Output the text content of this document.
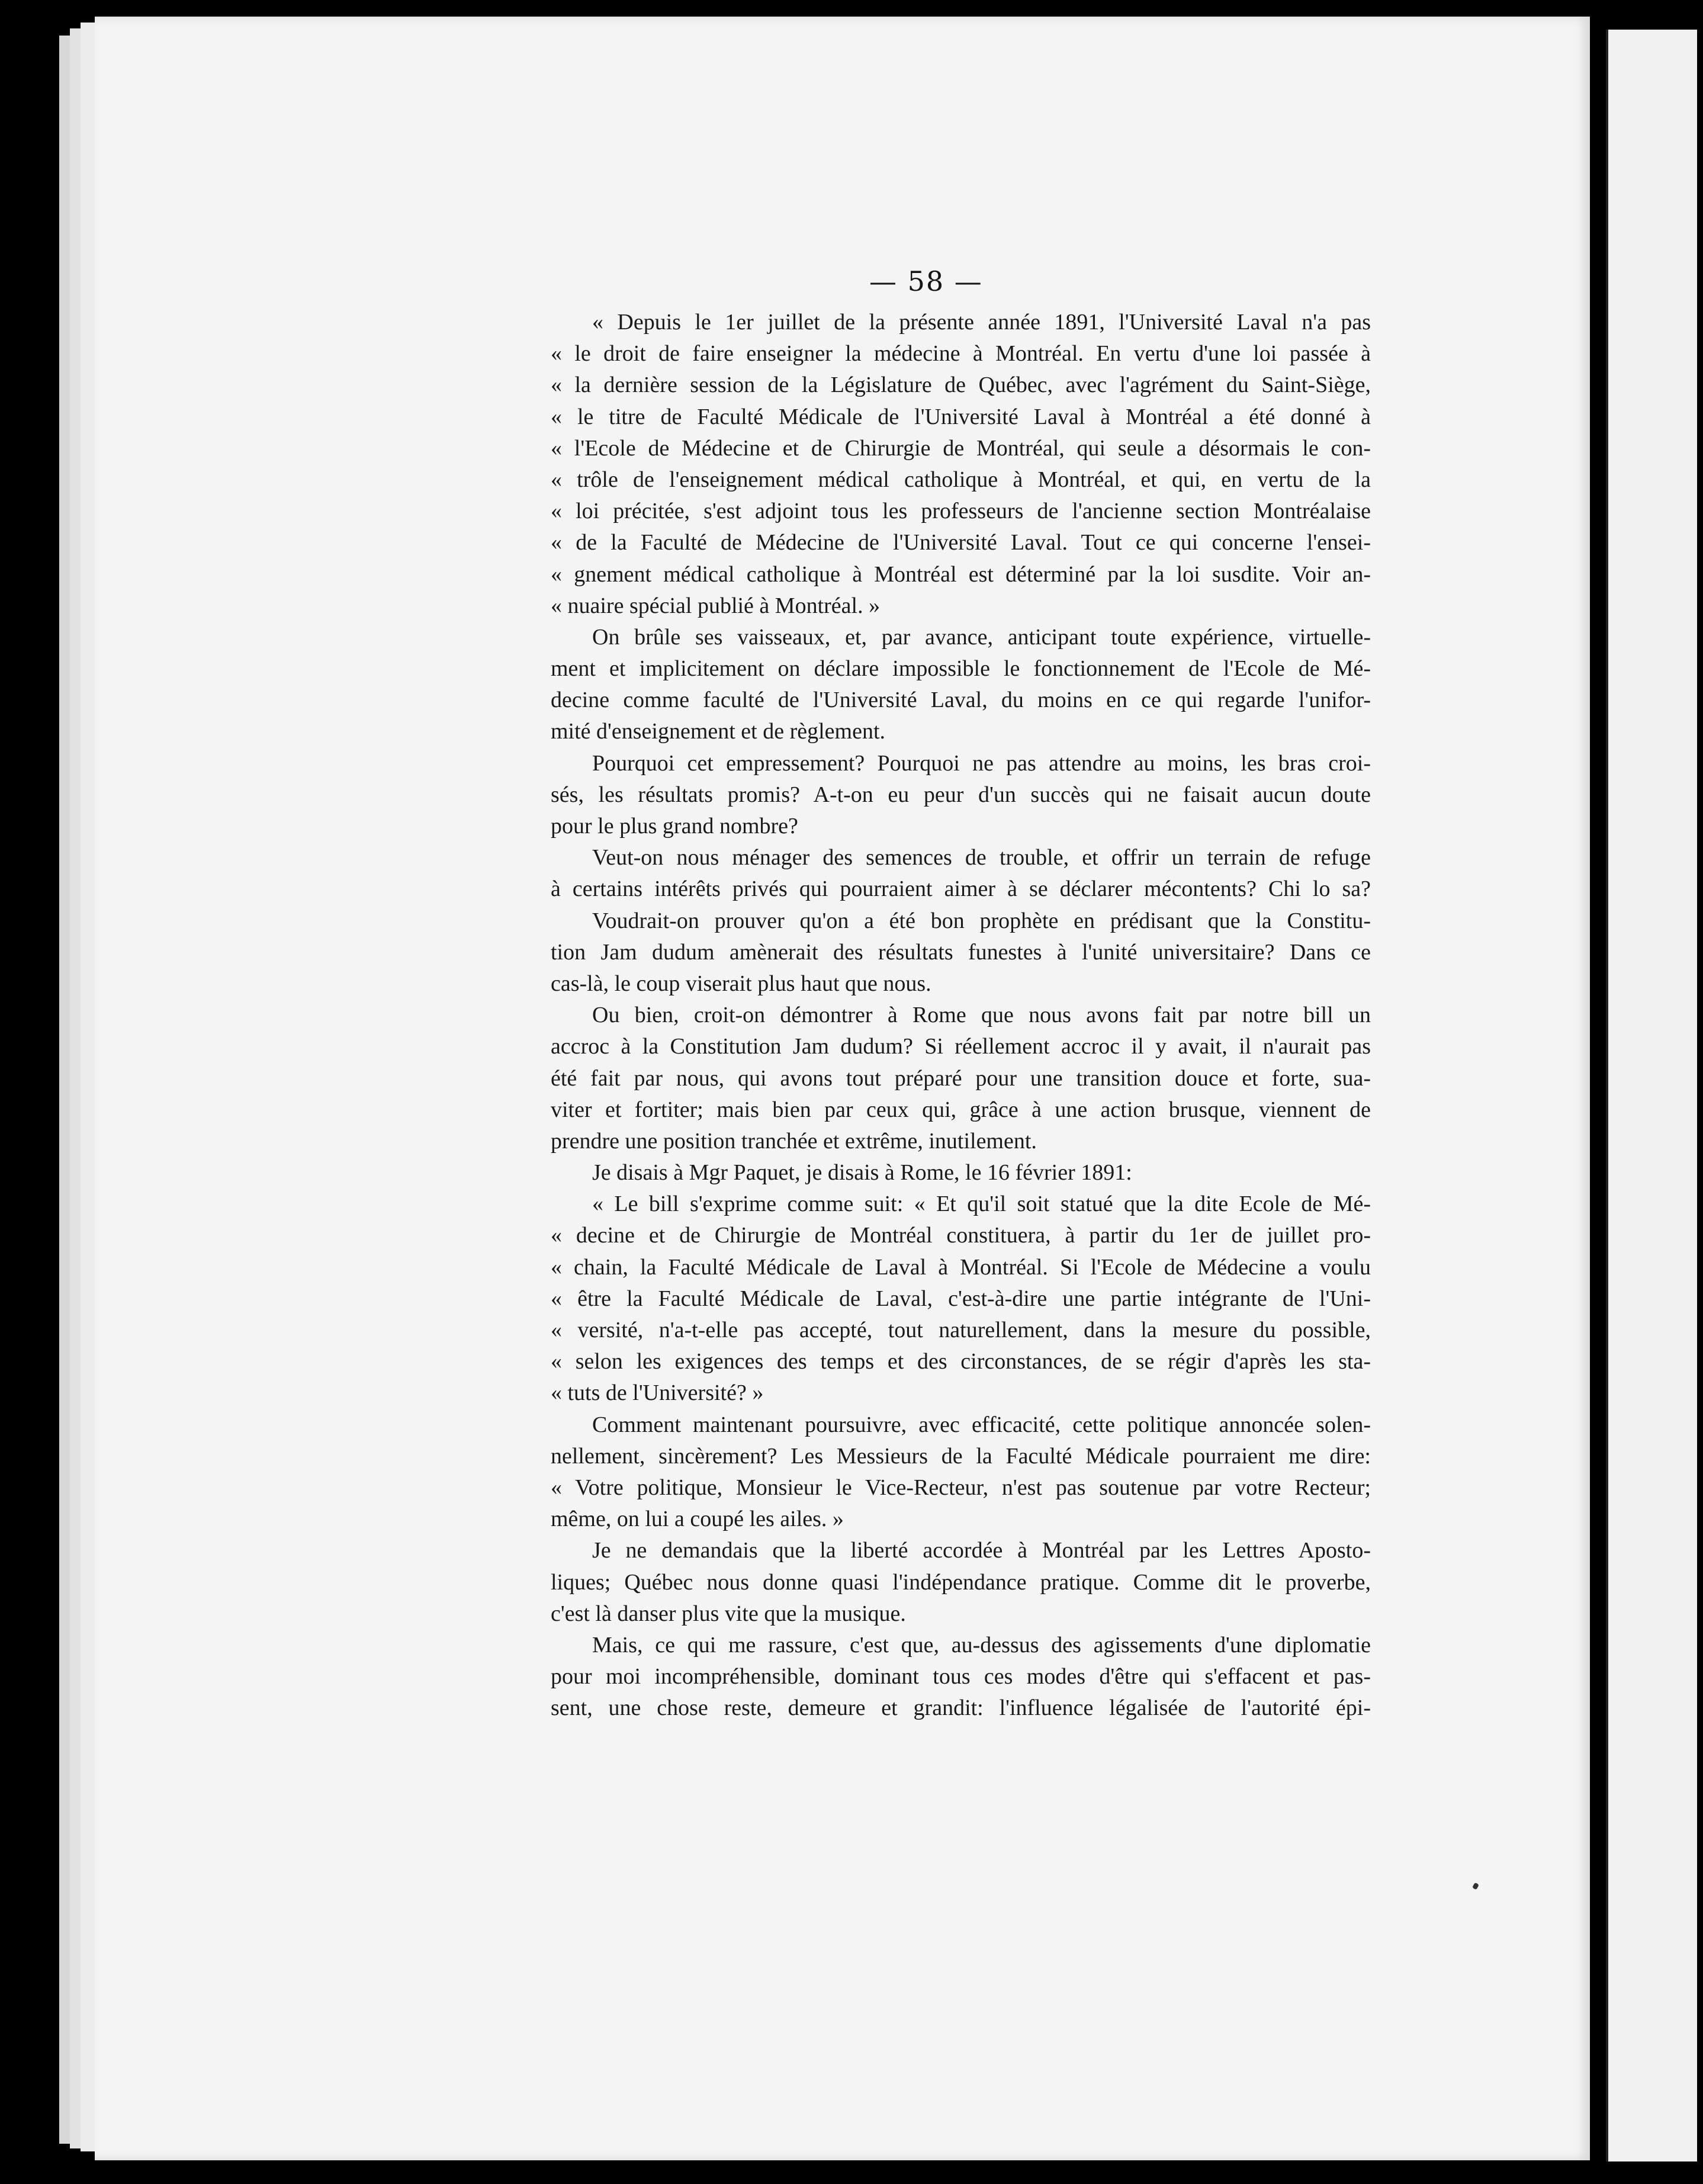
— 58 —
« Depuis le 1er juillet de la présente année 1891, l'Université Laval n'a pas
« le droit de faire enseigner la médecine à Montréal. En vertu d'une loi passée à
« la dernière session de la Législature de Québec, avec l'agrément du Saint-Siège,
« le titre de Faculté Médicale de l'Université Laval à Montréal a été donné à
« l'Ecole de Médecine et de Chirurgie de Montréal, qui seule a désormais le con-
« trôle de l'enseignement médical catholique à Montréal, et qui, en vertu de la
« loi précitée, s'est adjoint tous les professeurs de l'ancienne section Montréalaise
« de la Faculté de Médecine de l'Université Laval. Tout ce qui concerne l'ensei-
« gnement médical catholique à Montréal est déterminé par la loi susdite. Voir an-
« nuaire spécial publié à Montréal. »
On brûle ses vaisseaux, et, par avance, anticipant toute expérience, virtuelle-
ment et implicitement on déclare impossible le fonctionnement de l'Ecole de Mé-
decine comme faculté de l'Université Laval, du moins en ce qui regarde l'unifor-
mité d'enseignement et de règlement.
Pourquoi cet empressement? Pourquoi ne pas attendre au moins, les bras croi-
sés, les résultats promis? A-t-on eu peur d'un succès qui ne faisait aucun doute
pour le plus grand nombre?
Veut-on nous ménager des semences de trouble, et offrir un terrain de refuge
à certains intérêts privés qui pourraient aimer à se déclarer mécontents? Chi lo sa?
Voudrait-on prouver qu'on a été bon prophète en prédisant que la Constitu-
tion Jam dudum amènerait des résultats funestes à l'unité universitaire? Dans ce
cas-là, le coup viserait plus haut que nous.
Ou bien, croit-on démontrer à Rome que nous avons fait par notre bill un
accroc à la Constitution Jam dudum? Si réellement accroc il y avait, il n'aurait pas
été fait par nous, qui avons tout préparé pour une transition douce et forte, sua-
viter et fortiter; mais bien par ceux qui, grâce à une action brusque, viennent de
prendre une position tranchée et extrême, inutilement.
Je disais à Mgr Paquet, je disais à Rome, le 16 février 1891:
« Le bill s'exprime comme suit: « Et qu'il soit statué que la dite Ecole de Mé-
« decine et de Chirurgie de Montréal constituera, à partir du 1er de juillet pro-
« chain, la Faculté Médicale de Laval à Montréal. Si l'Ecole de Médecine a voulu
« être la Faculté Médicale de Laval, c'est-à-dire une partie intégrante de l'Uni-
« versité, n'a-t-elle pas accepté, tout naturellement, dans la mesure du possible,
« selon les exigences des temps et des circonstances, de se régir d'après les sta-
« tuts de l'Université? »
Comment maintenant poursuivre, avec efficacité, cette politique annoncée solen-
nellement, sincèrement? Les Messieurs de la Faculté Médicale pourraient me dire:
« Votre politique, Monsieur le Vice-Recteur, n'est pas soutenue par votre Recteur;
même, on lui a coupé les ailes. »
Je ne demandais que la liberté accordée à Montréal par les Lettres Aposto-
liques; Québec nous donne quasi l'indépendance pratique. Comme dit le proverbe,
c'est là danser plus vite que la musique.
Mais, ce qui me rassure, c'est que, au-dessus des agissements d'une diplomatie
pour moi incompréhensible, dominant tous ces modes d'être qui s'effacent et pas-
sent, une chose reste, demeure et grandit: l'influence légalisée de l'autorité épi-
